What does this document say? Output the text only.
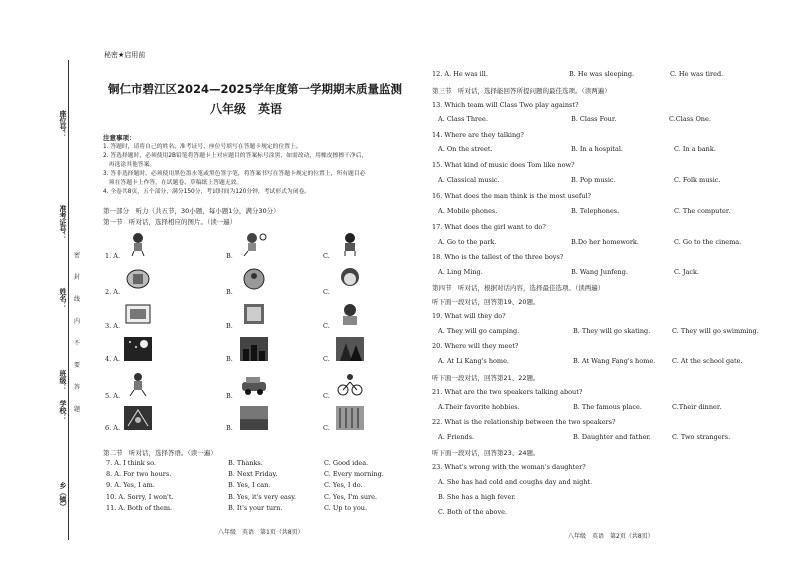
座位号：
准考证号：
姓名：
班级：
学校：
乡（镇）
密
封
线
内
不
要
答
题
秘密★启用前
铜仁市碧江区2024—2025学年度第一学期期末质量监测
八年级　英语
注意事项：
1. 答题时，请将自己的姓名、准考证号、座位号填写在答题卡规定的位置上。
2. 答选择题时，必须使用2B铅笔将答题卡上对应题目的答案标号涂黑，如需改动，用橡皮擦擦干净后，
　再选涂其他答案。
3. 答非选择题时，必须使用黑色墨水笔或黑色签字笔，将答案书写在答题卡规定的位置上，所有题目必
　须在答题卡上作答，在试题卷、草稿纸上答题无效。
4. 全卷共8页，五个部分，满分150分，考试时间为120分钟，考试形式为闭卷。
第一部分　听力（共五节，30小题，每小题1分，满分30分）
第一节　听对话，选择相应的图片。（读一遍）
1. A.	B.	C.
2. A.	B.	C.
3. A.	B.	C.
4. A.	B.	C.
5. A.	B.	C.
6. A.	B.	C.
第二节　听对话，选择答语。（读一遍）
7. A. I think so.	B. Thanks.	C. Good idea.
8. A. For two hours.	B. Next Friday.	C. Every morning.
9. A. Yes, I am.	B. Yes, I can.	C. Yes, I do.
10. A. Sorry, I won't.	B. Yes, it's very easy.	C. Yes, I'm sure.
11. A. Both of them.	B. It's your turn.	C. Up to you.
八年级　英语　第1页（共8页）
12. A. He was ill.	B. He was sleeping.	C. He was tired.
第三节　听对话，选择能回答所提问题的最佳选项。（读两遍）
13. Which team will Class Two play against?
A. Class Three.	B. Class Four.	C.Class One.
14. Where are they talking?
A. On the street.	B. In a hospital.	C. In a bank.
15. What kind of music does Tom like now?
A. Classical music.	B. Pop music.	C. Folk music.
16. What does the man think is the most useful?
A. Mobile phones.	B. Telephones.	C. The computer.
17. What does the girl want to do?
A. Go to the park.	B.Do her homework.	C. Go to the cinema.
18. Who is the tallest of the three boys?
A. Ling Ming.	B. Wang Junfeng.	C. Jack.
第四节　听对话，根据对话内容，选择最佳选项。（读两遍）
听下面一段对话，回答第19、20题。
19. What will they do?
A. They will go camping.	B. They will go skating.	C. They will go swimming.
20. Where will they meet?
A. At Li Kang's home.	B. At Wang Fang's home.	C. At the school gate.
听下面一段对话，回答第21、22题。
21. What are the two speakers talking about?
A.Their favorite hobbies.	B. The famous place.	C.Their dinner.
22. What is the relationship between the two speakers?
A. Friends.	B. Daughter and father.	C. Two strangers.
听下面一段对话，回答第23、24题。
23. What's wrong with the woman's daughter?
A. She has had cold and coughs day and night.
B. She has a high fever.
C. Both of the above.
八年级　英语　第2页（共8页）
